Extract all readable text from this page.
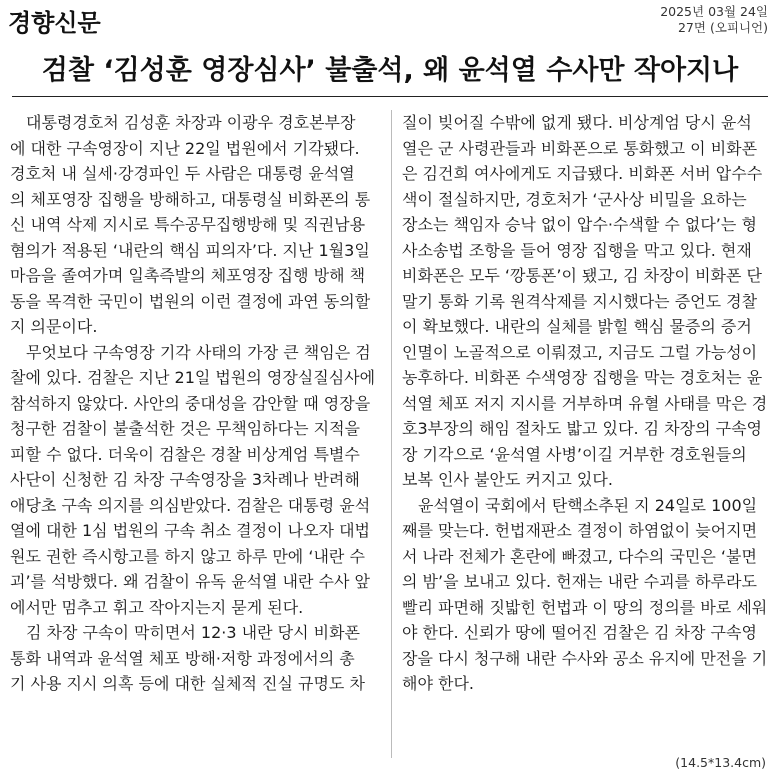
경향신문	2025년 03월 24일
27면 (오피니언)
검찰 ‘김성훈 영장심사’ 불출석, 왜 윤석열 수사만 작아지나
대통령경호처 김성훈 차장과 이광우 경호본부장
에 대한 구속영장이 지난 22일 법원에서 기각됐다.
경호처 내 실세·강경파인 두 사람은 대통령 윤석열
의 체포영장 집행을 방해하고, 대통령실 비화폰의 통
신 내역 삭제 지시로 특수공무집행방해 및 직권남용
혐의가 적용된 ‘내란의 핵심 피의자’다. 지난 1월3일
마음을 졸여가며 일촉즉발의 체포영장 집행 방해 책
동을 목격한 국민이 법원의 이런 결정에 과연 동의할
지 의문이다.
무엇보다 구속영장 기각 사태의 가장 큰 책임은 검
찰에 있다. 검찰은 지난 21일 법원의 영장실질심사에
참석하지 않았다. 사안의 중대성을 감안할 때 영장을
청구한 검찰이 불출석한 것은 무책임하다는 지적을
피할 수 없다. 더욱이 검찰은 경찰 비상계엄 특별수
사단이 신청한 김 차장 구속영장을 3차례나 반려해
애당초 구속 의지를 의심받았다. 검찰은 대통령 윤석
열에 대한 1심 법원의 구속 취소 결정이 나오자 대법
원도 권한 즉시항고를 하지 않고 하루 만에 ‘내란 수
괴’를 석방했다. 왜 검찰이 유독 윤석열 내란 수사 앞
에서만 멈추고 휘고 작아지는지 묻게 된다.
김 차장 구속이 막히면서 12·3 내란 당시 비화폰
통화 내역과 윤석열 체포 방해·저항 과정에서의 총
기 사용 지시 의혹 등에 대한 실체적 진실 규명도 차
질이 빚어질 수밖에 없게 됐다. 비상계엄 당시 윤석
열은 군 사령관들과 비화폰으로 통화했고 이 비화폰
은 김건희 여사에게도 지급됐다. 비화폰 서버 압수수
색이 절실하지만, 경호처가 ‘군사상 비밀을 요하는
장소는 책임자 승낙 없이 압수·수색할 수 없다’는 형
사소송법 조항을 들어 영장 집행을 막고 있다. 현재
비화폰은 모두 ‘깡통폰’이 됐고, 김 차장이 비화폰 단
말기 통화 기록 원격삭제를 지시했다는 증언도 경찰
이 확보했다. 내란의 실체를 밝힐 핵심 물증의 증거
인멸이 노골적으로 이뤄졌고, 지금도 그럴 가능성이
농후하다. 비화폰 수색영장 집행을 막는 경호처는 윤
석열 체포 저지 지시를 거부하며 유혈 사태를 막은 경
호3부장의 해임 절차도 밟고 있다. 김 차장의 구속영
장 기각으로 ‘윤석열 사병’이길 거부한 경호원들의
보복 인사 불안도 커지고 있다.
윤석열이 국회에서 탄핵소추된 지 24일로 100일
째를 맞는다. 헌법재판소 결정이 하염없이 늦어지면
서 나라 전체가 혼란에 빠졌고, 다수의 국민은 ‘불면
의 밤’을 보내고 있다. 헌재는 내란 수괴를 하루라도
빨리 파면해 짓밟힌 헌법과 이 땅의 정의를 바로 세워
야 한다. 신뢰가 땅에 떨어진 검찰은 김 차장 구속영
장을 다시 청구해 내란 수사와 공소 유지에 만전을 기
해야 한다.
(14.5*13.4cm)
